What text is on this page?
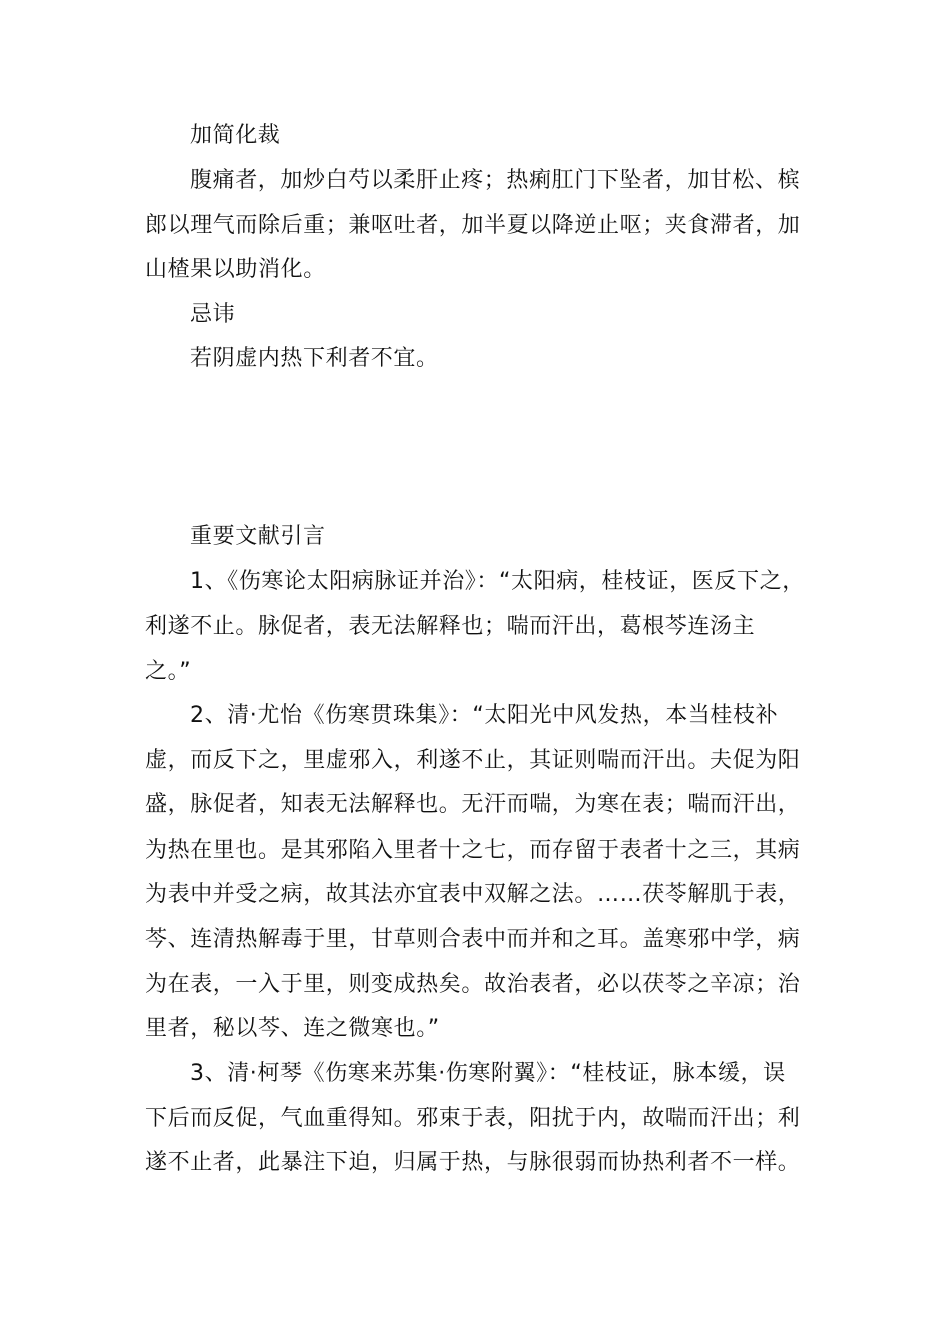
加简化裁
腹痛者，加炒白芍以柔肝止疼；热痢肛门下坠者，加甘松、槟
郎以理气而除后重；兼呕吐者，加半夏以降逆止呕；夹食滞者，加
山楂果以助消化。
忌讳
若阴虚内热下利者不宜。
重要文献引言
1、《伤寒论太阳病脉证并治》：“太阳病，桂枝证，医反下之，
利遂不止。脉促者，表无法解释也；喘而汗出，葛根芩连汤主
之。”
2、清·尤怡《伤寒贯珠集》：“太阳光中风发热，本当桂枝补
虚，而反下之，里虚邪入，利遂不止，其证则喘而汗出。夫促为阳
盛，脉促者，知表无法解释也。无汗而喘，为寒在表；喘而汗出，
为热在里也。是其邪陷入里者十之七，而存留于表者十之三，其病
为表中并受之病，故其法亦宜表中双解之法。……茯苓解肌于表，
芩、连清热解毒于里，甘草则合表中而并和之耳。盖寒邪中学，病
为在表，一入于里，则变成热矣。故治表者，必以茯苓之辛凉；治
里者，秘以芩、连之微寒也。”
3、清·柯琴《伤寒来苏集·伤寒附翼》：“桂枝证，脉本缓，误
下后而反促，气血重得知。邪束于表，阳扰于内，故喘而汗出；利
遂不止者，此暴注下迫，归属于热，与脉很弱而协热利者不一样。
